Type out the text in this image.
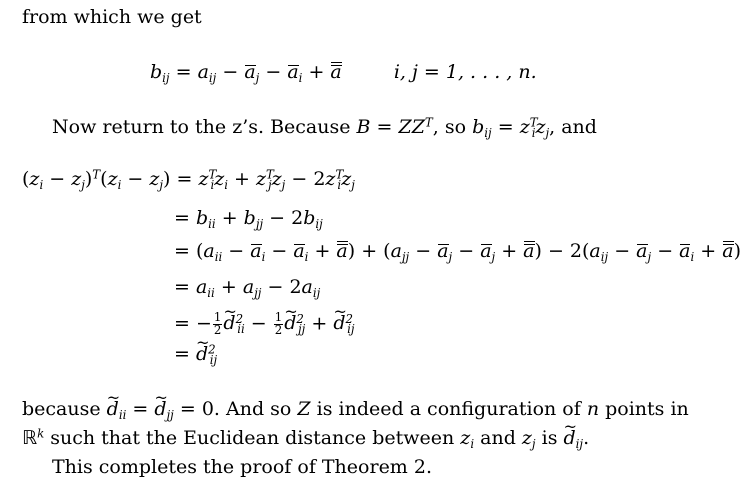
from which we get
$b_{ij} = a_{ij} - a_j - a_i + a$	i, j = 1, . . . , n.
Now return to the z’s. Because $B = ZZ^T$, so $b_{ij} = z^T_iz_j$, and
$(z_i - z_j)^T(z_i - z_j) = z^T_iz_i + z^T_jz_j - 2z^T_iz_j$
= $b_{ii} + b_{jj} - 2b_{ij}$
= $(a_{ii} - a_i - a_i + a) + (a_{jj} - a_j - a_j + a) - 2(a_{ij} - a_j - a_i + a)$
= $a_{ii} + a_{jj} - 2a_{ij}$
= − $\frac{1}{2}$ ~ $d^2_{ii} - \frac{1}{2}$ ~ $d^2_{jj}$ + ~ $d^2_{ij}$
= ~ $d^2_{ij}$
because ~ $d_{ii}$ = ~ $d_{jj} = 0$. And so Z is indeed a configuration of n points in
ℝ$^k$ such that the Euclidean distance between $z_i$ and $z_j$ is ~ $d_{ij}$.
This completes the proof of Theorem 2.
